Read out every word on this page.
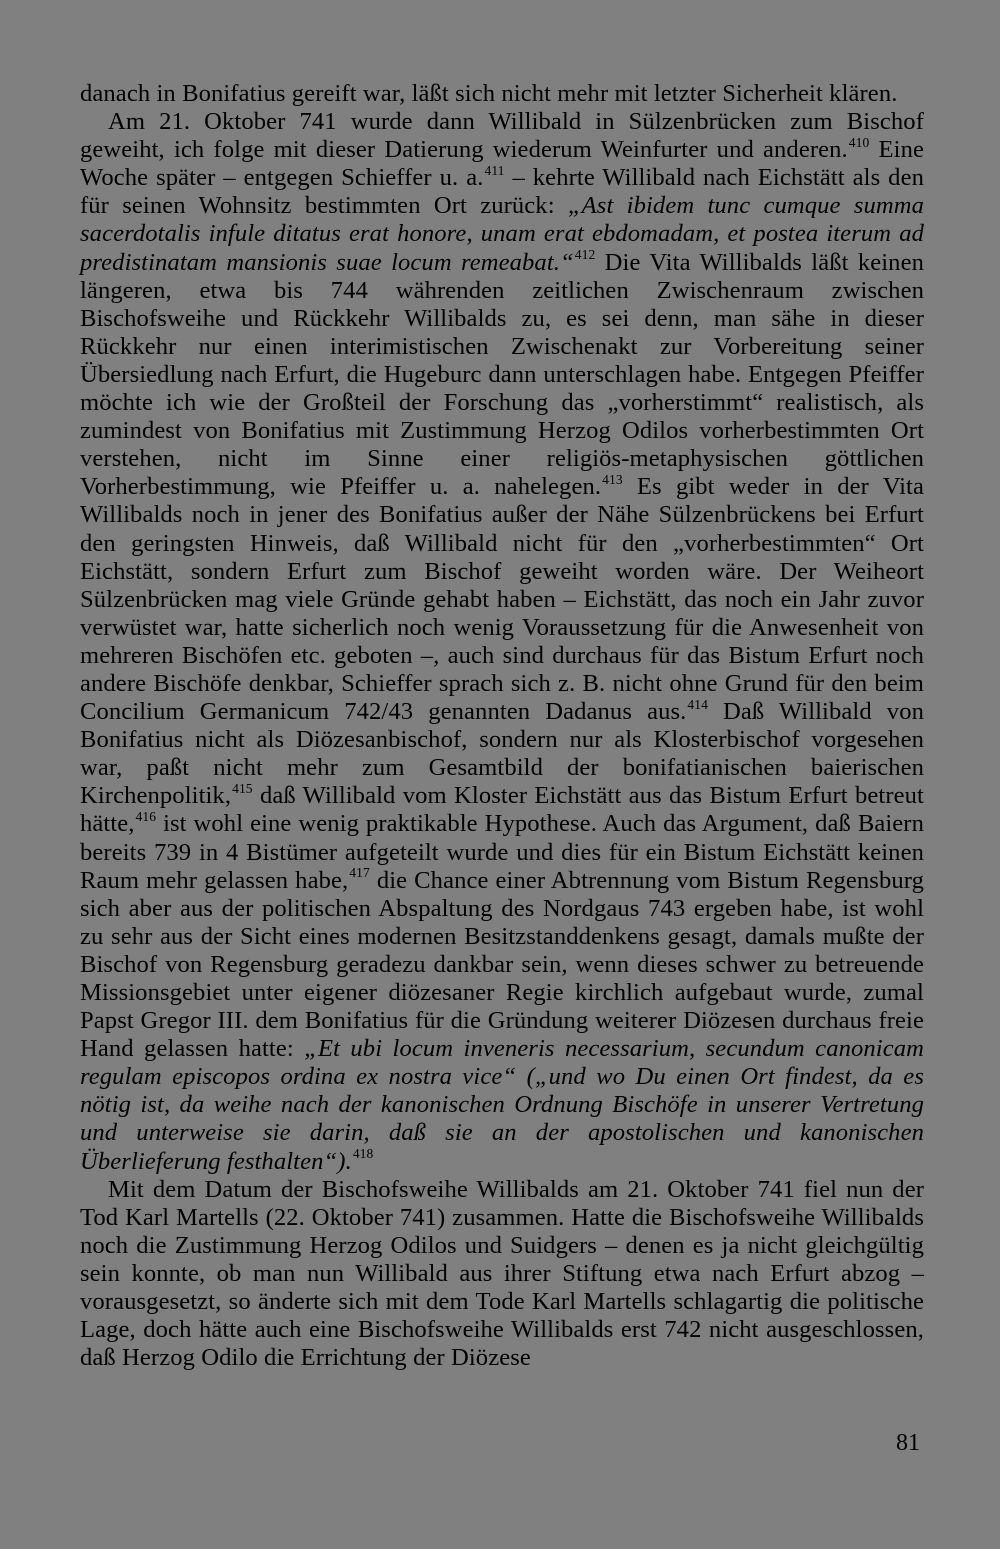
danach in Bonifatius gereift war, läßt sich nicht mehr mit letzter Sicherheit klären.

Am 21. Oktober 741 wurde dann Willibald in Sülzenbrücken zum Bischof geweiht, ich folge mit dieser Datierung wiederum Weinfurter und anderen.$^{410}$ Eine Woche später – entgegen Schieffer u. a.$^{411}$ – kehrte Willibald nach Eichstätt als den für seinen Wohnsitz bestimmten Ort zurück: „Ast ibidem tunc cumque summa sacerdotalis infule ditatus erat honore, unam erat ebdomadam, et postea iterum ad predistinatam mansionis suae locum remeabat.“$^{412}$ Die Vita Willibalds läßt keinen längeren, etwa bis 744 währenden zeitlichen Zwischenraum zwischen Bischofsweihe und Rückkehr Willibalds zu, es sei denn, man sähe in dieser Rückkehr nur einen interimistischen Zwischenakt zur Vorbereitung seiner Übersiedlung nach Erfurt, die Hugeburc dann unterschlagen habe. Entgegen Pfeiffer möchte ich wie der Großteil der Forschung das „vorherstimmt“ realistisch, als zumindest von Bonifatius mit Zustimmung Herzog Odilos vorherbestimmten Ort verstehen, nicht im Sinne einer religiös-metaphysischen göttlichen Vorherbestimmung, wie Pfeiffer u. a. nahelegen.$^{413}$ Es gibt weder in der Vita Willibalds noch in jener des Bonifatius außer der Nähe Sülzenbrückens bei Erfurt den geringsten Hinweis, daß Willibald nicht für den „vorherbestimmten“ Ort Eichstätt, sondern Erfurt zum Bischof geweiht worden wäre. Der Weiheort Sülzenbrücken mag viele Gründe gehabt haben – Eichstätt, das noch ein Jahr zuvor verwüstet war, hatte sicherlich noch wenig Voraussetzung für die Anwesenheit von mehreren Bischöfen etc. geboten –, auch sind durchaus für das Bistum Erfurt noch andere Bischöfe denkbar, Schieffer sprach sich z. B. nicht ohne Grund für den beim Concilium Germanicum 742/43 genannten Dadanus aus.$^{414}$ Daß Willibald von Bonifatius nicht als Diözesanbischof, sondern nur als Klosterbischof vorgesehen war, paßt nicht mehr zum Gesamtbild der bonifatianischen baierischen Kirchenpolitik,$^{415}$ daß Willibald vom Kloster Eichstätt aus das Bistum Erfurt betreut hätte,$^{416}$ ist wohl eine wenig praktikable Hypothese. Auch das Argument, daß Baiern bereits 739 in 4 Bistümer aufgeteilt wurde und dies für ein Bistum Eichstätt keinen Raum mehr gelassen habe,$^{417}$ die Chance einer Abtrennung vom Bistum Regensburg sich aber aus der politischen Abspaltung des Nordgaus 743 ergeben habe, ist wohl zu sehr aus der Sicht eines modernen Besitzstanddenkens gesagt, damals mußte der Bischof von Regensburg geradezu dankbar sein, wenn dieses schwer zu betreuende Missionsgebiet unter eigener diözesaner Regie kirchlich aufgebaut wurde, zumal Papst Gregor III. dem Bonifatius für die Gründung weiterer Diözesen durchaus freie Hand gelassen hatte: „Et ubi locum inveneris necessarium, secundum canonicam regulam episcopos ordina ex nostra vice“ („und wo Du einen Ort findest, da es nötig ist, da weihe nach der kanonischen Ordnung Bischöfe in unserer Vertretung und unterweise sie darin, daß sie an der apostolischen und kanonischen Überlieferung festhalten“).$^{418}$

Mit dem Datum der Bischofsweihe Willibalds am 21. Oktober 741 fiel nun der Tod Karl Martells (22. Oktober 741) zusammen. Hatte die Bischofsweihe Willibalds noch die Zustimmung Herzog Odilos und Suidgers – denen es ja nicht gleichgültig sein konnte, ob man nun Willibald aus ihrer Stiftung etwa nach Erfurt abzog – vorausgesetzt, so änderte sich mit dem Tode Karl Martells schlagartig die politische Lage, doch hätte auch eine Bischofsweihe Willibalds erst 742 nicht ausgeschlossen, daß Herzog Odilo die Errichtung der Diözese

81
